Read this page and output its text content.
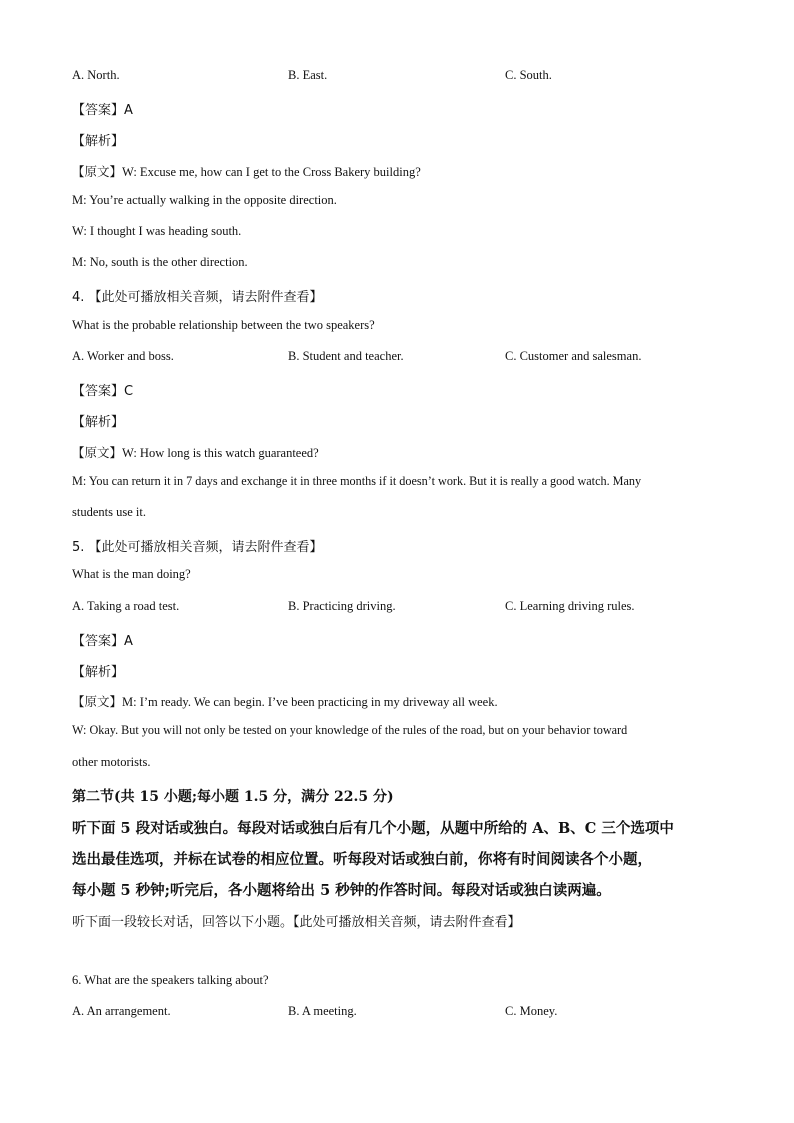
A. North.	B. East.	C. South.
【答案】A
【解析】
【原文】W: Excuse me, how can I get to the Cross Bakery building?
M: You’re actually walking in the opposite direction.
W: I thought I was heading south.
M: No, south is the other direction.
4. 【此处可播放相关音频，请去附件查看】
What is the probable relationship between the two speakers?
A. Worker and boss.	B. Student and teacher.	C. Customer and salesman.
【答案】C
【解析】
【原文】W: How long is this watch guaranteed?
M: You can return it in 7 days and exchange it in three months if it doesn’t work. But it is really a good watch. Many
students use it.
5. 【此处可播放相关音频，请去附件查看】
What is the man doing?
A. Taking a road test.	B. Practicing driving.	C. Learning driving rules.
【答案】A
【解析】
【原文】M: I’m ready. We can begin. I’ve been practicing in my driveway all week.
W: Okay. But you will not only be tested on your knowledge of the rules of the road, but on your behavior toward
other motorists.
第二节(共 15 小题;每小题 1.5 分，满分 22.5 分)
听下面 5 段对话或独白。每段对话或独白后有几个小题，从题中所给的 A、B、C 三个选项中
选出最佳选项，并标在试卷的相应位置。听每段对话或独白前，你将有时间阅读各个小题，
每小题 5 秒钟;听完后，各小题将给出 5 秒钟的作答时间。每段对话或独白读两遍。
听下面一段较长对话，回答以下小题。【此处可播放相关音频，请去附件查看】
6. What are the speakers talking about?
A. An arrangement.	B. A meeting.	C. Money.
